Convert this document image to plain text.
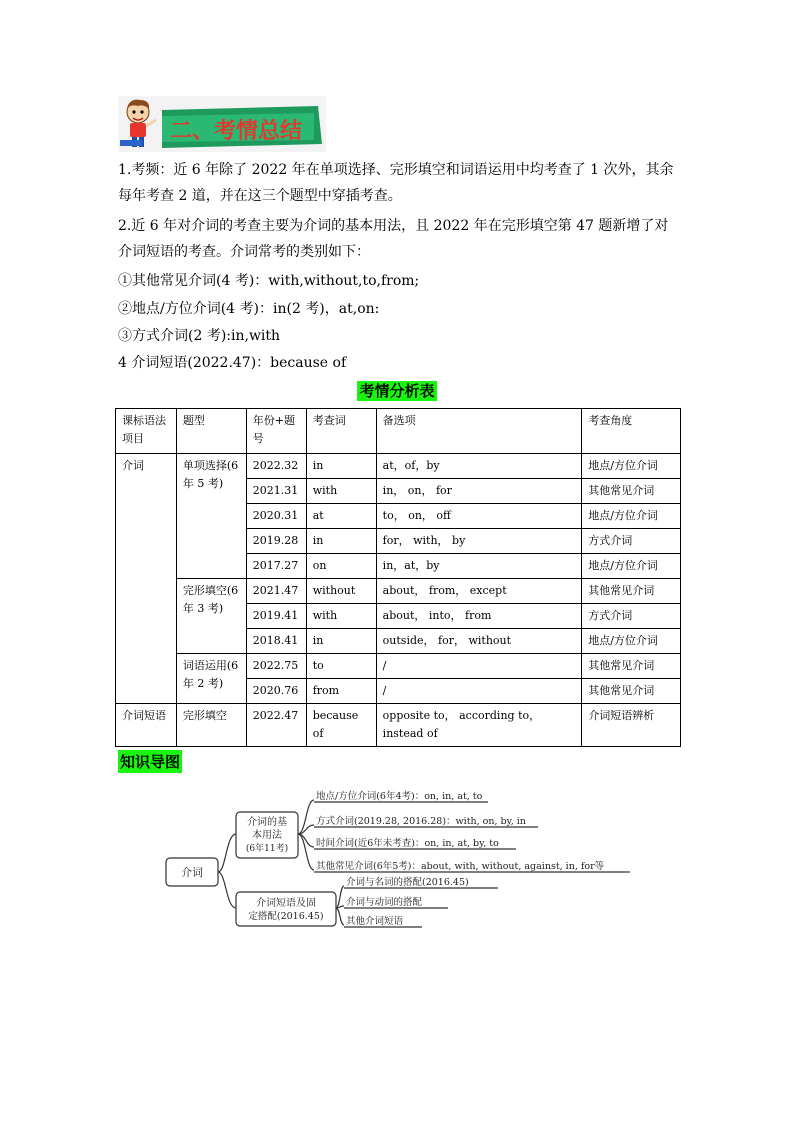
二、考情总结

1.考频：近 6 年除了 2022 年在单项选择、完形填空和词语运用中均考查了 1 次外，其余每年考查 2 道，并在这三个题型中穿插考查。

2.近 6 年对介词的考查主要为介词的基本用法，且 2022 年在完形填空第 47 题新增了对介词短语的考查。介词常考的类别如下：

①其他常见介词(4 考)：with,without,to,from;

②地点/方位介词(4 考)：in(2 考)，at,on:

③方式介词(2 考):in,with

4 介词短语(2022.47)：because of

考情分析表
课标语法项目	题型	年份+题号	考查词	备选项	考查角度
介词	单项选择(6 年 5 考)	2022.32	in	at，of，by	地点/方位介词
		2021.31	with	in， on， for	其他常见介词
		2020.31	at	to， on， off	地点/方位介词
		2019.28	in	for， with， by	方式介词
		2017.27	on	in，at，by	地点/方位介词
	完形填空(6 年 3 考)	2021.47	without	about， from， except	其他常见介词
		2019.41	with	about， into， from	方式介词
		2018.41	in	outside， for， without	地点/方位介词
	词语运用(6 年 2 考)	2022.75	to	/	其他常见介词
		2020.76	from	/	其他常见介词
介词短语	完形填空	2022.47	because of	opposite to， according to， instead of	介词短语辨析
知识导图
介词
介词的基
本用法
(6年11考)
地点/方位介词(6年4考)：on, in, at, to
方式介词(2019.28, 2016.28)：with, on, by, in
时间介词(近6年未考查)：on, in, at, by, to
其他常见介词(6年5考)：about, with, without, against, in, for等
介词短语及固
定搭配(2016.45)
介词与名词的搭配(2016.45)
介词与动词的搭配
其他介词短语
